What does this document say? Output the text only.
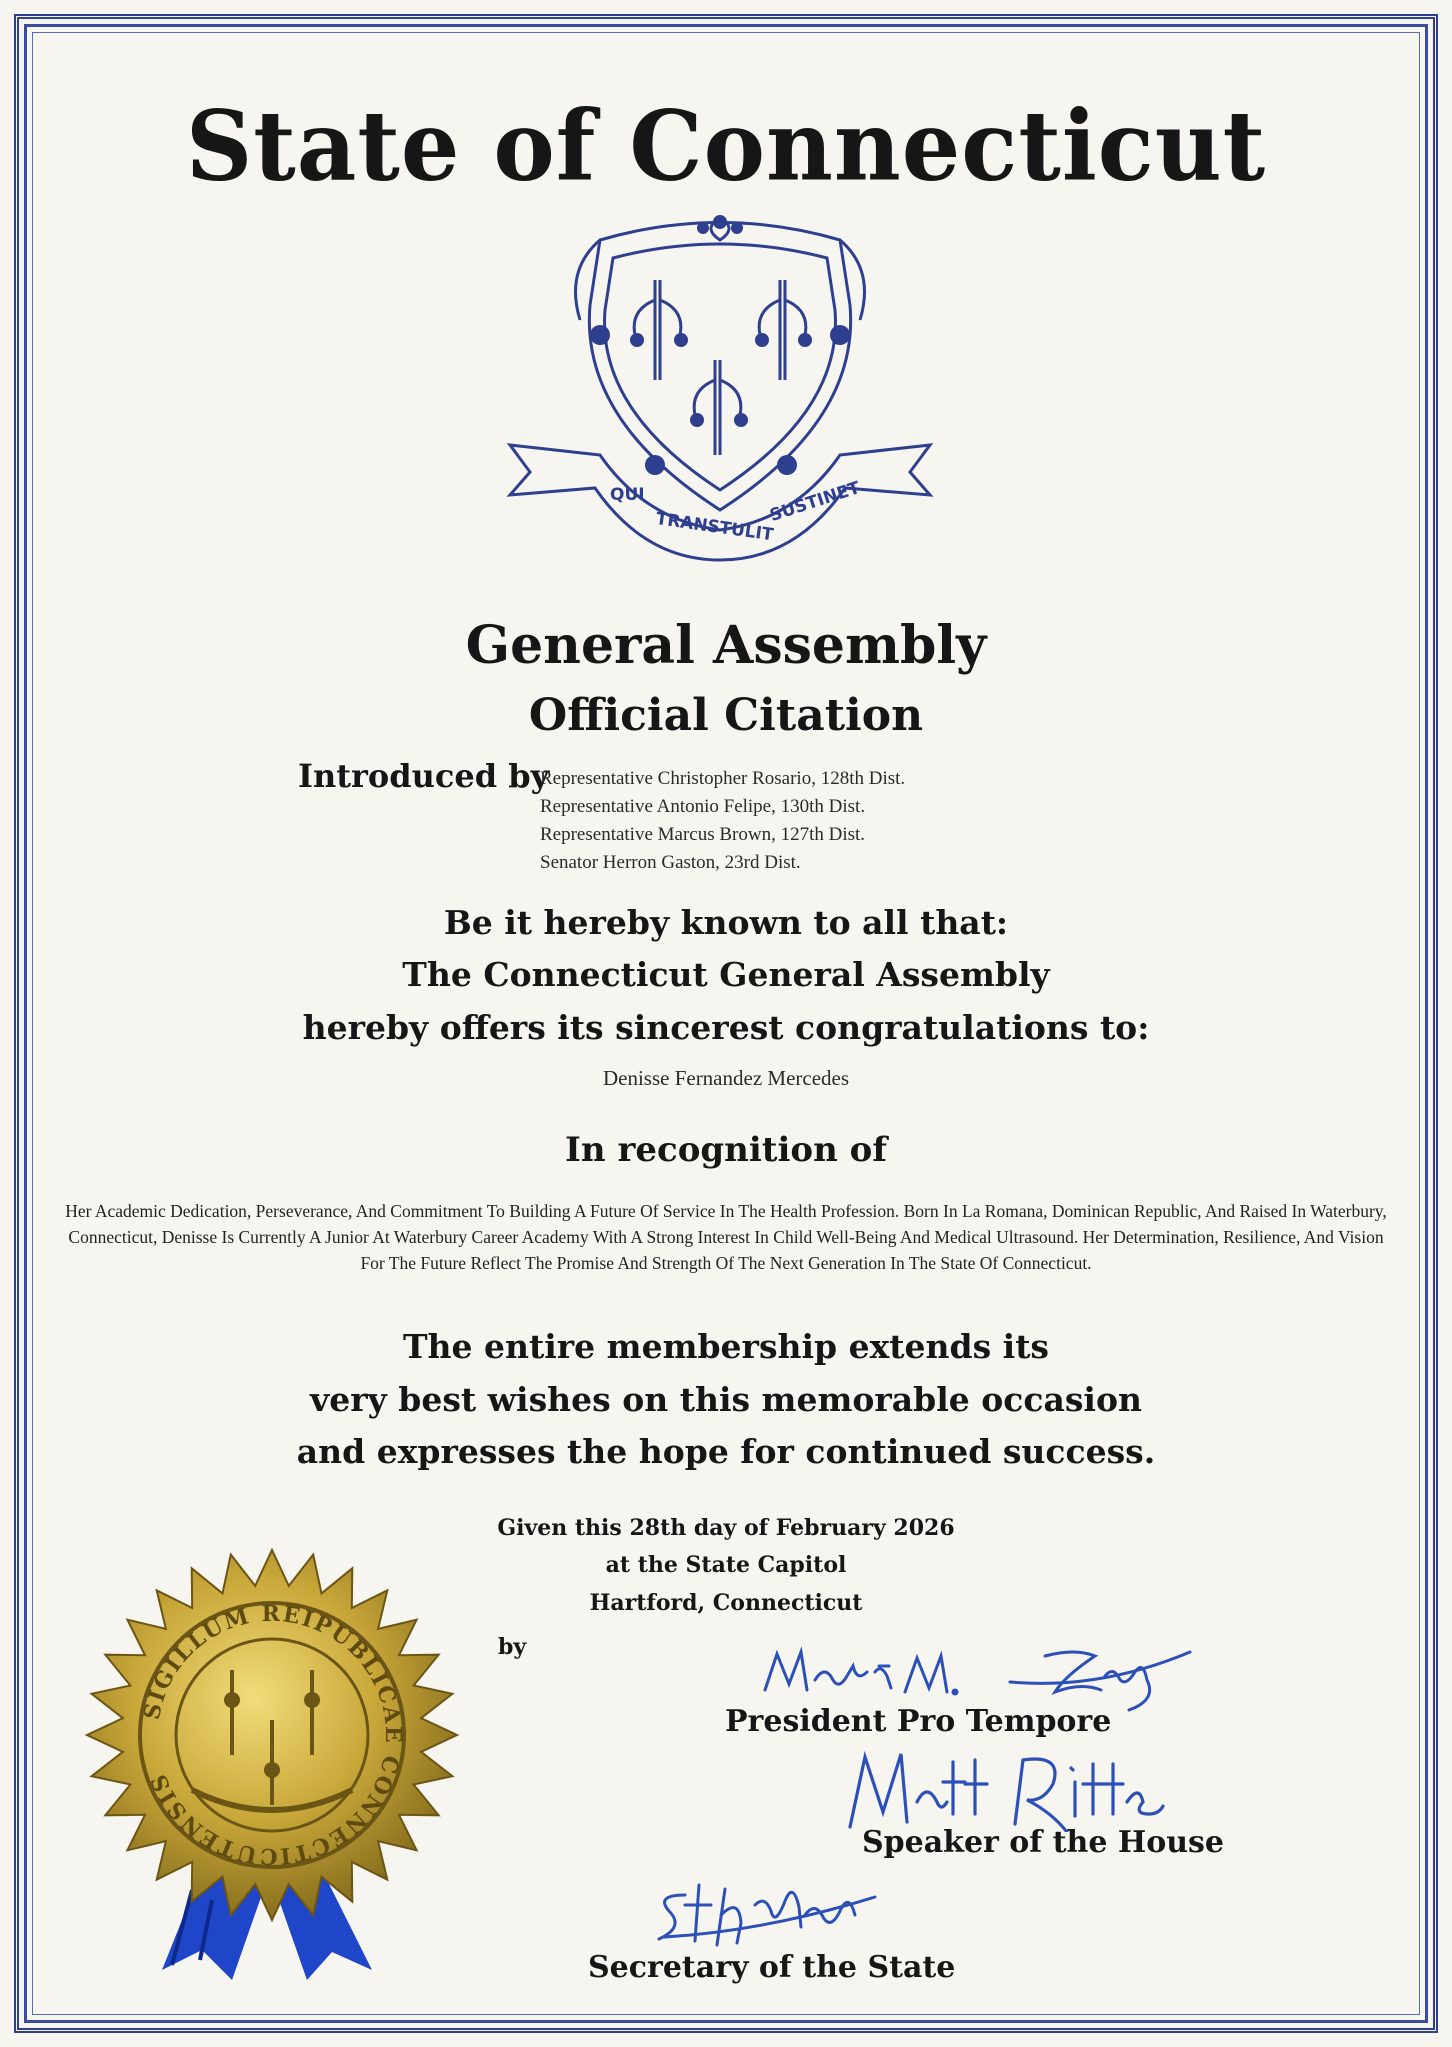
State of Connecticut
QUI
TRANSTULIT
SUSTINET
General Assembly
Official Citation
Introduced by
Representative Christopher Rosario, 128th Dist.
Representative Antonio Felipe, 130th Dist.
Representative Marcus Brown, 127th Dist.
Senator Herron Gaston, 23rd Dist.
Be it hereby known to all that:
The Connecticut General Assembly
hereby offers its sincerest congratulations to:
Denisse Fernandez Mercedes
In recognition of
Her Academic Dedication, Perseverance, And Commitment To Building A Future Of Service In The Health Profession. Born In La Romana, Dominican Republic, And Raised In Waterbury, Connecticut, Denisse Is Currently A Junior At Waterbury Career Academy With A Strong Interest In Child Well-Being And Medical Ultrasound. Her Determination, Resilience, And Vision For The Future Reflect The Promise And Strength Of The Next Generation In The State Of Connecticut.
The entire membership extends its
very best wishes on this memorable occasion
and expresses the hope for continued success.
Given this 28th day of February 2026
at the State Capitol
Hartford, Connecticut
by
President Pro Tempore
Speaker of the House
Secretary of the State
SIGILLUM REIPUBLICAE CONNECTICUTENSIS
